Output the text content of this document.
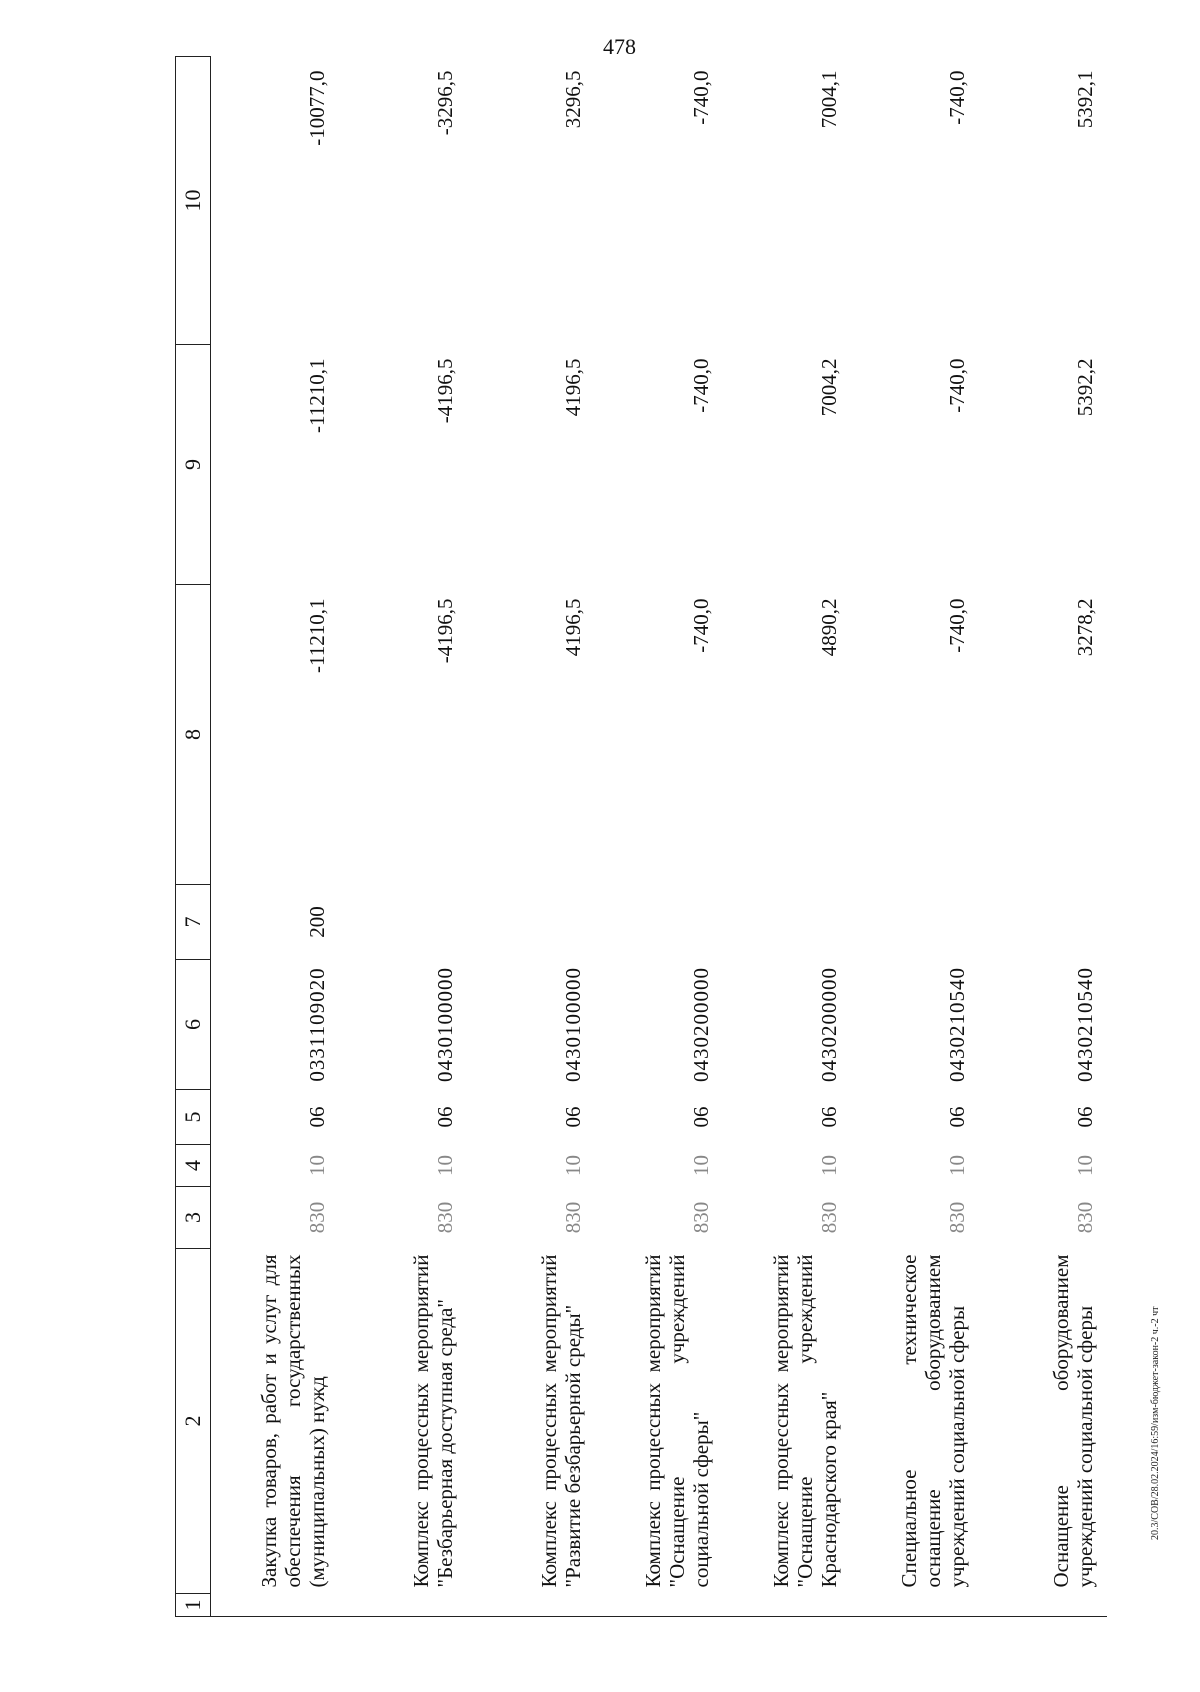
478
1	2	3	4	5	6	7	8	9	10
	Закупка товаров, работ и услуг для обеспечения государственных (муниципальных) нужд	830	10	06	0331109020	200	-11210,1	-11210,1	-10077,0
	Комплекс процессных мероприятий "Безбарьерная доступная среда"	830	10	06	0430100000		-4196,5	-4196,5	-3296,5
	Комплекс процессных мероприятий "Развитие безбарьерной среды"	830	10	06	0430100000		4196,5	4196,5	3296,5
	Комплекс процессных мероприятий "Оснащение учреждений социальной сферы"	830	10	06	0430200000		-740,0	-740,0	-740,0
	Комплекс процессных мероприятий "Оснащение учреждений Краснодарского края"	830	10	06	0430200000		4890,2	7004,2	7004,1
	Специальное техническое оснащение оборудованием учреждений социальной сферы	830	10	06	0430210540		-740,0	-740,0	-740,0
	Оснащение оборудованием учреждений социальной сферы	830	10	06	0430210540		3278,2	5392,2	5392,1
20.3/СОВ/28.02.2024/16:59/изм-бюджет-закон-2 ч.-2 чт
